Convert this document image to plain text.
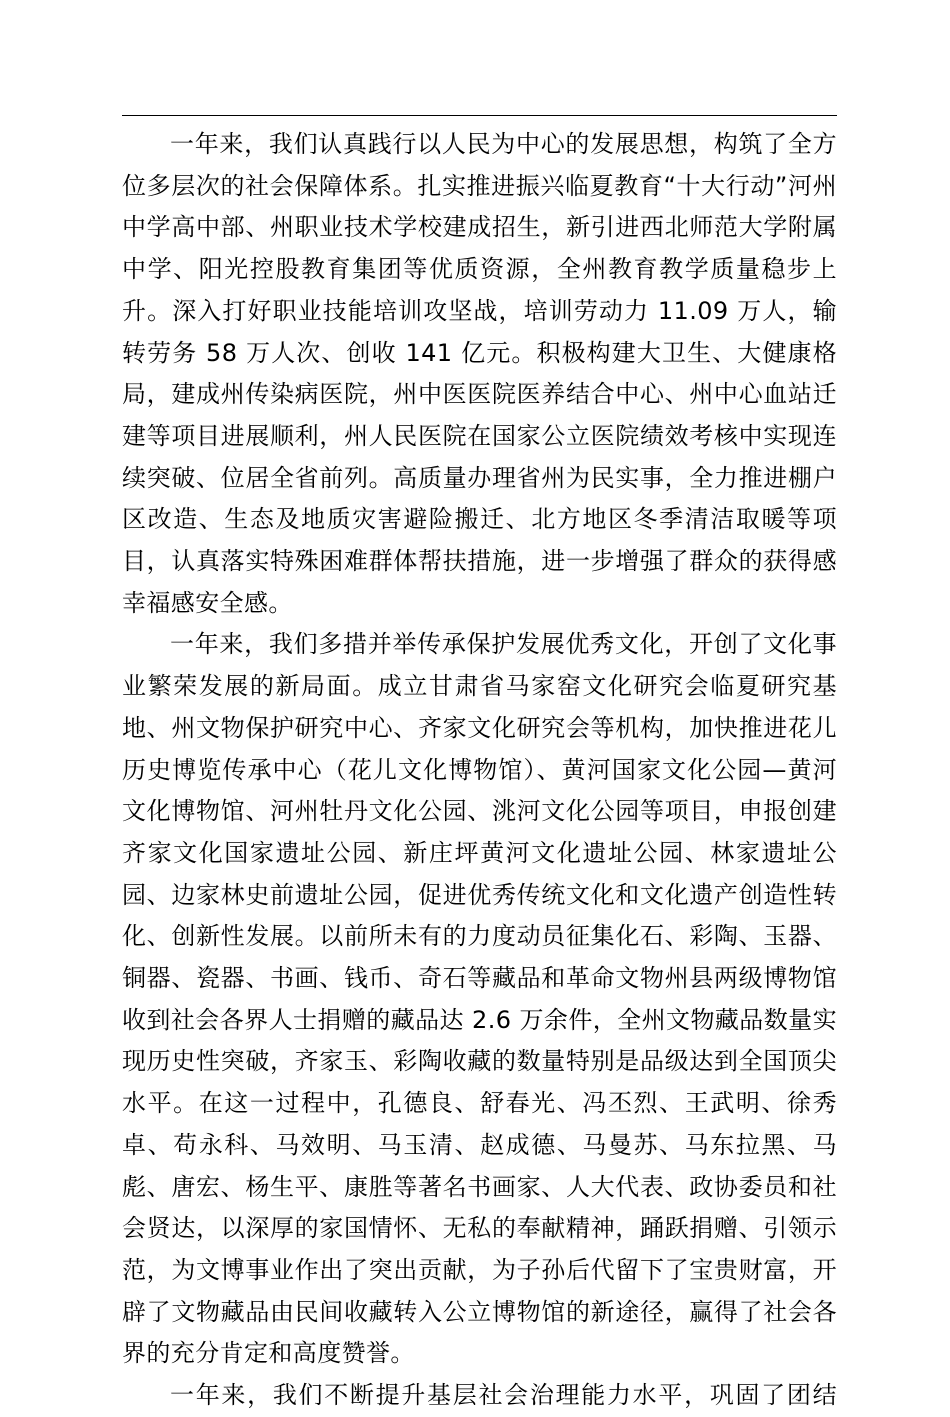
一年来，我们认真践行以人民为中心的发展思想，构筑了全方位多层次的社会保障体系。扎实推进振兴临夏教育“十大行动”河州中学高中部、州职业技术学校建成招生，新引进西北师范大学附属中学、阳光控股教育集团等优质资源，全州教育教学质量稳步上升。深入打好职业技能培训攻坚战，培训劳动力 11.09 万人，输转劳务 58 万人次、创收 141 亿元。积极构建大卫生、大健康格局，建成州传染病医院，州中医医院医养结合中心、州中心血站迁建等项目进展顺利，州人民医院在国家公立医院绩效考核中实现连续突破、位居全省前列。高质量办理省州为民实事，全力推进棚户区改造、生态及地质灾害避险搬迁、北方地区冬季清洁取暖等项目，认真落实特殊困难群体帮扶措施，进一步增强了群众的获得感幸福感安全感。

一年来，我们多措并举传承保护发展优秀文化，开创了文化事业繁荣发展的新局面。成立甘肃省马家窑文化研究会临夏研究基地、州文物保护研究中心、齐家文化研究会等机构，加快推进花儿历史博览传承中心（花儿文化博物馆）、黄河国家文化公园—黄河文化博物馆、河州牡丹文化公园、洮河文化公园等项目，申报创建齐家文化国家遗址公园、新庄坪黄河文化遗址公园、林家遗址公园、边家林史前遗址公园，促进优秀传统文化和文化遗产创造性转化、创新性发展。以前所未有的力度动员征集化石、彩陶、玉器、铜器、瓷器、书画、钱币、奇石等藏品和革命文物州县两级博物馆收到社会各界人士捐赠的藏品达 2.6 万余件，全州文物藏品数量实现历史性突破，齐家玉、彩陶收藏的数量特别是品级达到全国顶尖水平。在这一过程中，孔德良、舒春光、冯丕烈、王武明、徐秀卓、苟永科、马效明、马玉清、赵成德、马曼苏、马东拉黑、马彪、唐宏、杨生平、康胜等著名书画家、人大代表、政协委员和社会贤达，以深厚的家国情怀、无私的奉献精神，踊跃捐赠、引领示范，为文博事业作出了突出贡献，为子孙后代留下了宝贵财富，开辟了文物藏品由民间收藏转入公立博物馆的新途径，赢得了社会各界的充分肯定和高度赞誉。

一年来，我们不断提升基层社会治理能力水平，巩固了团结
